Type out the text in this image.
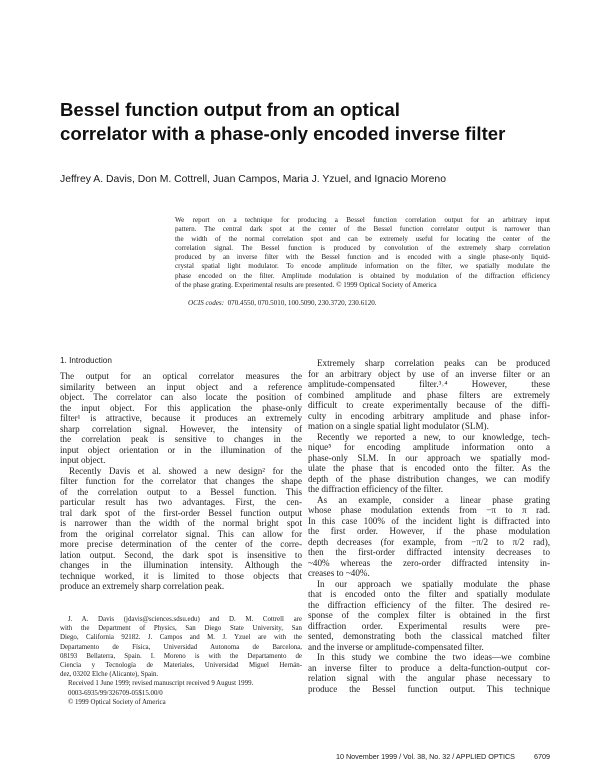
Bessel function output from an optical
correlator with a phase-only encoded inverse filter

Jeffrey A. Davis, Don M. Cottrell, Juan Campos, Maria J. Yzuel, and Ignacio Moreno

We report on a technique for producing a Bessel function correlation output for an arbitrary input
pattern. The central dark spot at the center of the Bessel function correlator output is narrower than
the width of the normal correlation spot and can be extremely useful for locating the center of the
correlation signal. The Bessel function is produced by convolution of the extremely sharp correlation
produced by an inverse filter with the Bessel function and is encoded with a single phase-only liquid-
crystal spatial light modulator. To encode amplitude information on the filter, we spatially modulate the
phase encoded on the filter. Amplitude modulation is obtained by modulation of the diffraction efficiency
of the phase grating. Experimental results are presented. © 1999 Optical Society of America
OCIS codes: 070.4550, 070.5010, 100.5090, 230.3720, 230.6120.
1. Introduction
The output for an optical correlator measures the
similarity between an input object and a reference
object. The correlator can also locate the position of
the input object. For this application the phase-only
filter¹ is attractive, because it produces an extremely
sharp correlation signal. However, the intensity of
the correlation peak is sensitive to changes in the
input object orientation or in the illumination of the
input object.
Recently Davis et al. showed a new design² for the
filter function for the correlator that changes the shape
of the correlation output to a Bessel function. This
particular result has two advantages. First, the cen-
tral dark spot of the first-order Bessel function output
is narrower than the width of the normal bright spot
from the original correlator signal. This can allow for
more precise determination of the center of the corre-
lation output. Second, the dark spot is insensitive to
changes in the illumination intensity. Although the
technique worked, it is limited to those objects that
produce an extremely sharp correlation peak.
J. A. Davis (jdavis@sciences.sdsu.edu) and D. M. Cottrell are
with the Department of Physics, San Diego State University, San
Diego, California 92182. J. Campos and M. J. Yzuel are with the
Departamento de Física, Universidad Autonoma de Barcelona,
08193 Bellaterra, Spain. I. Moreno is with the Departamento de
Ciencia y Tecnología de Materiales, Universidad Miguel Hernán-
dez, 03202 Elche (Alicante), Spain.
Received 1 June 1999; revised manuscript received 9 August 1999.
0003-6935/99/326709-05$15.00/0
© 1999 Optical Society of America
Extremely sharp correlation peaks can be produced
for an arbitrary object by use of an inverse filter or an
amplitude-compensated filter.³˒⁴ However, these
combined amplitude and phase filters are extremely
difficult to create experimentally because of the diffi-
culty in encoding arbitrary amplitude and phase infor-
mation on a single spatial light modulator (SLM).
Recently we reported a new, to our knowledge, tech-
nique⁵ for encoding amplitude information onto a
phase-only SLM. In our approach we spatially mod-
ulate the phase that is encoded onto the filter. As the
depth of the phase distribution changes, we can modify
the diffraction efficiency of the filter.
As an example, consider a linear phase grating
whose phase modulation extends from −π to π rad.
In this case 100% of the incident light is diffracted into
the first order. However, if the phase modulation
depth decreases (for example, from −π/2 to π/2 rad),
then the first-order diffracted intensity decreases to
~40% whereas the zero-order diffracted intensity in-
creases to ~40%.
In our approach we spatially modulate the phase
that is encoded onto the filter and spatially modulate
the diffraction efficiency of the filter. The desired re-
sponse of the complex filter is obtained in the first
diffraction order. Experimental results were pre-
sented, demonstrating both the classical matched filter
and the inverse or amplitude-compensated filter.
In this study we combine the two ideas—we combine
an inverse filter to produce a delta-function-output cor-
relation signal with the angular phase necessary to
produce the Bessel function output. This technique
10 November 1999 / Vol. 38, No. 32 / APPLIED OPTICS	6709
